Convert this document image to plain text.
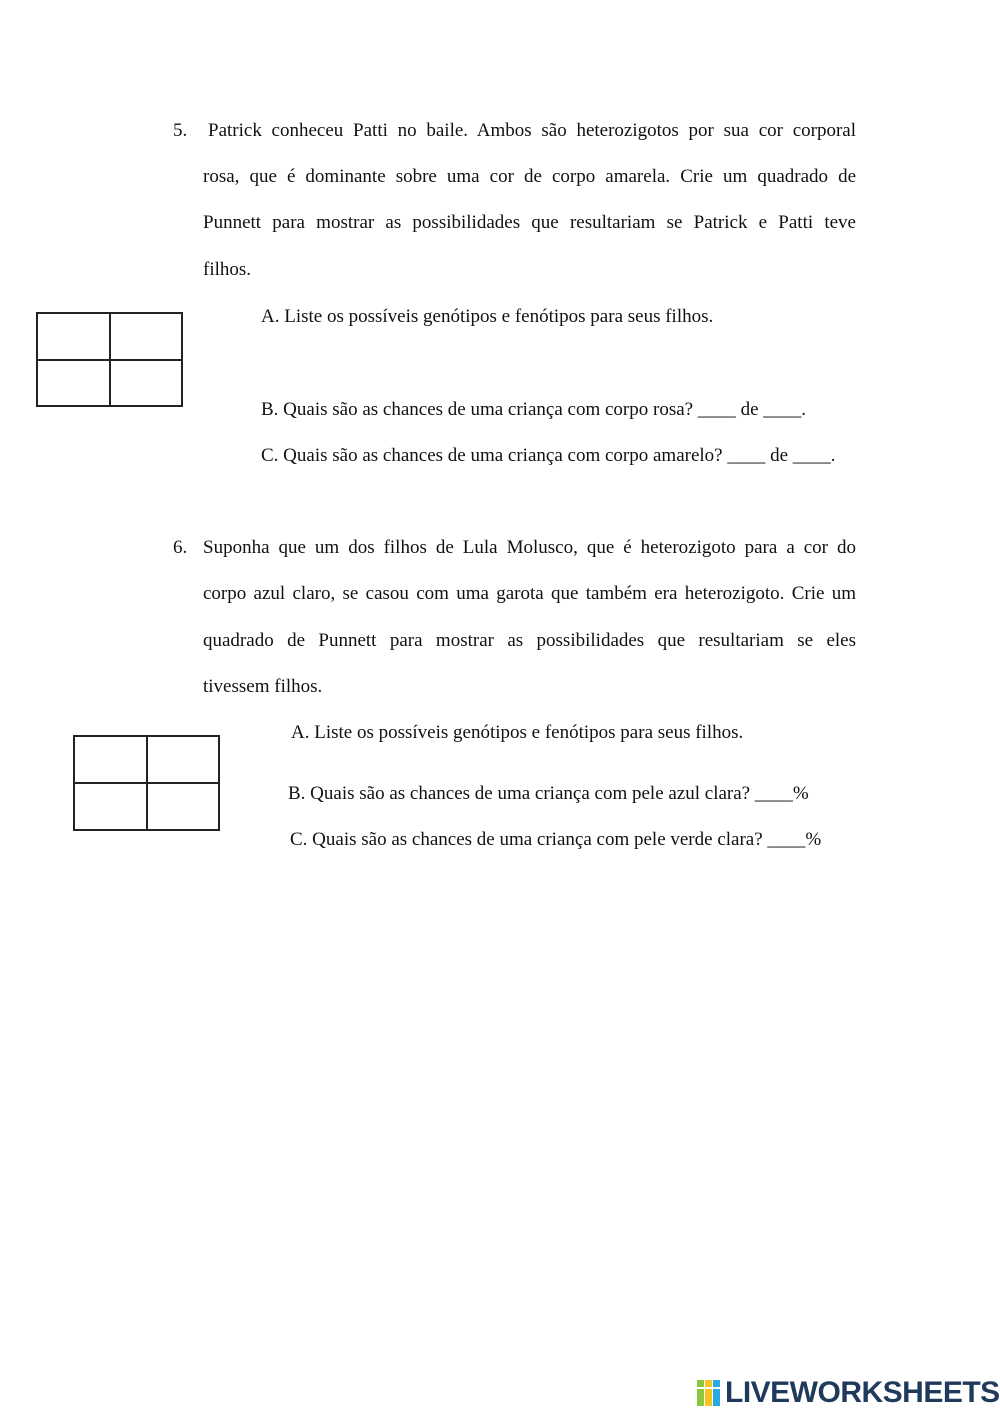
5. Patrick conheceu Patti no baile. Ambos são heterozigotos por sua cor corporal
rosa, que é dominante sobre uma cor de corpo amarela. Crie um quadrado de
Punnett para mostrar as possibilidades que resultariam se Patrick e Patti teve
filhos.
A. Liste os possíveis genótipos e fenótipos para seus filhos.
B. Quais são as chances de uma criança com corpo rosa? ____ de ____.
C. Quais são as chances de uma criança com corpo amarelo? ____ de ____.
6. Suponha que um dos filhos de Lula Molusco, que é heterozigoto para a cor do
corpo azul claro, se casou com uma garota que também era heterozigoto. Crie um
quadrado de Punnett para mostrar as possibilidades que resultariam se eles
tivessem filhos.
A. Liste os possíveis genótipos e fenótipos para seus filhos.
B. Quais são as chances de uma criança com pele azul clara? ____%
C. Quais são as chances de uma criança com pele verde clara? ____%
LIVEWORKSHEETS
